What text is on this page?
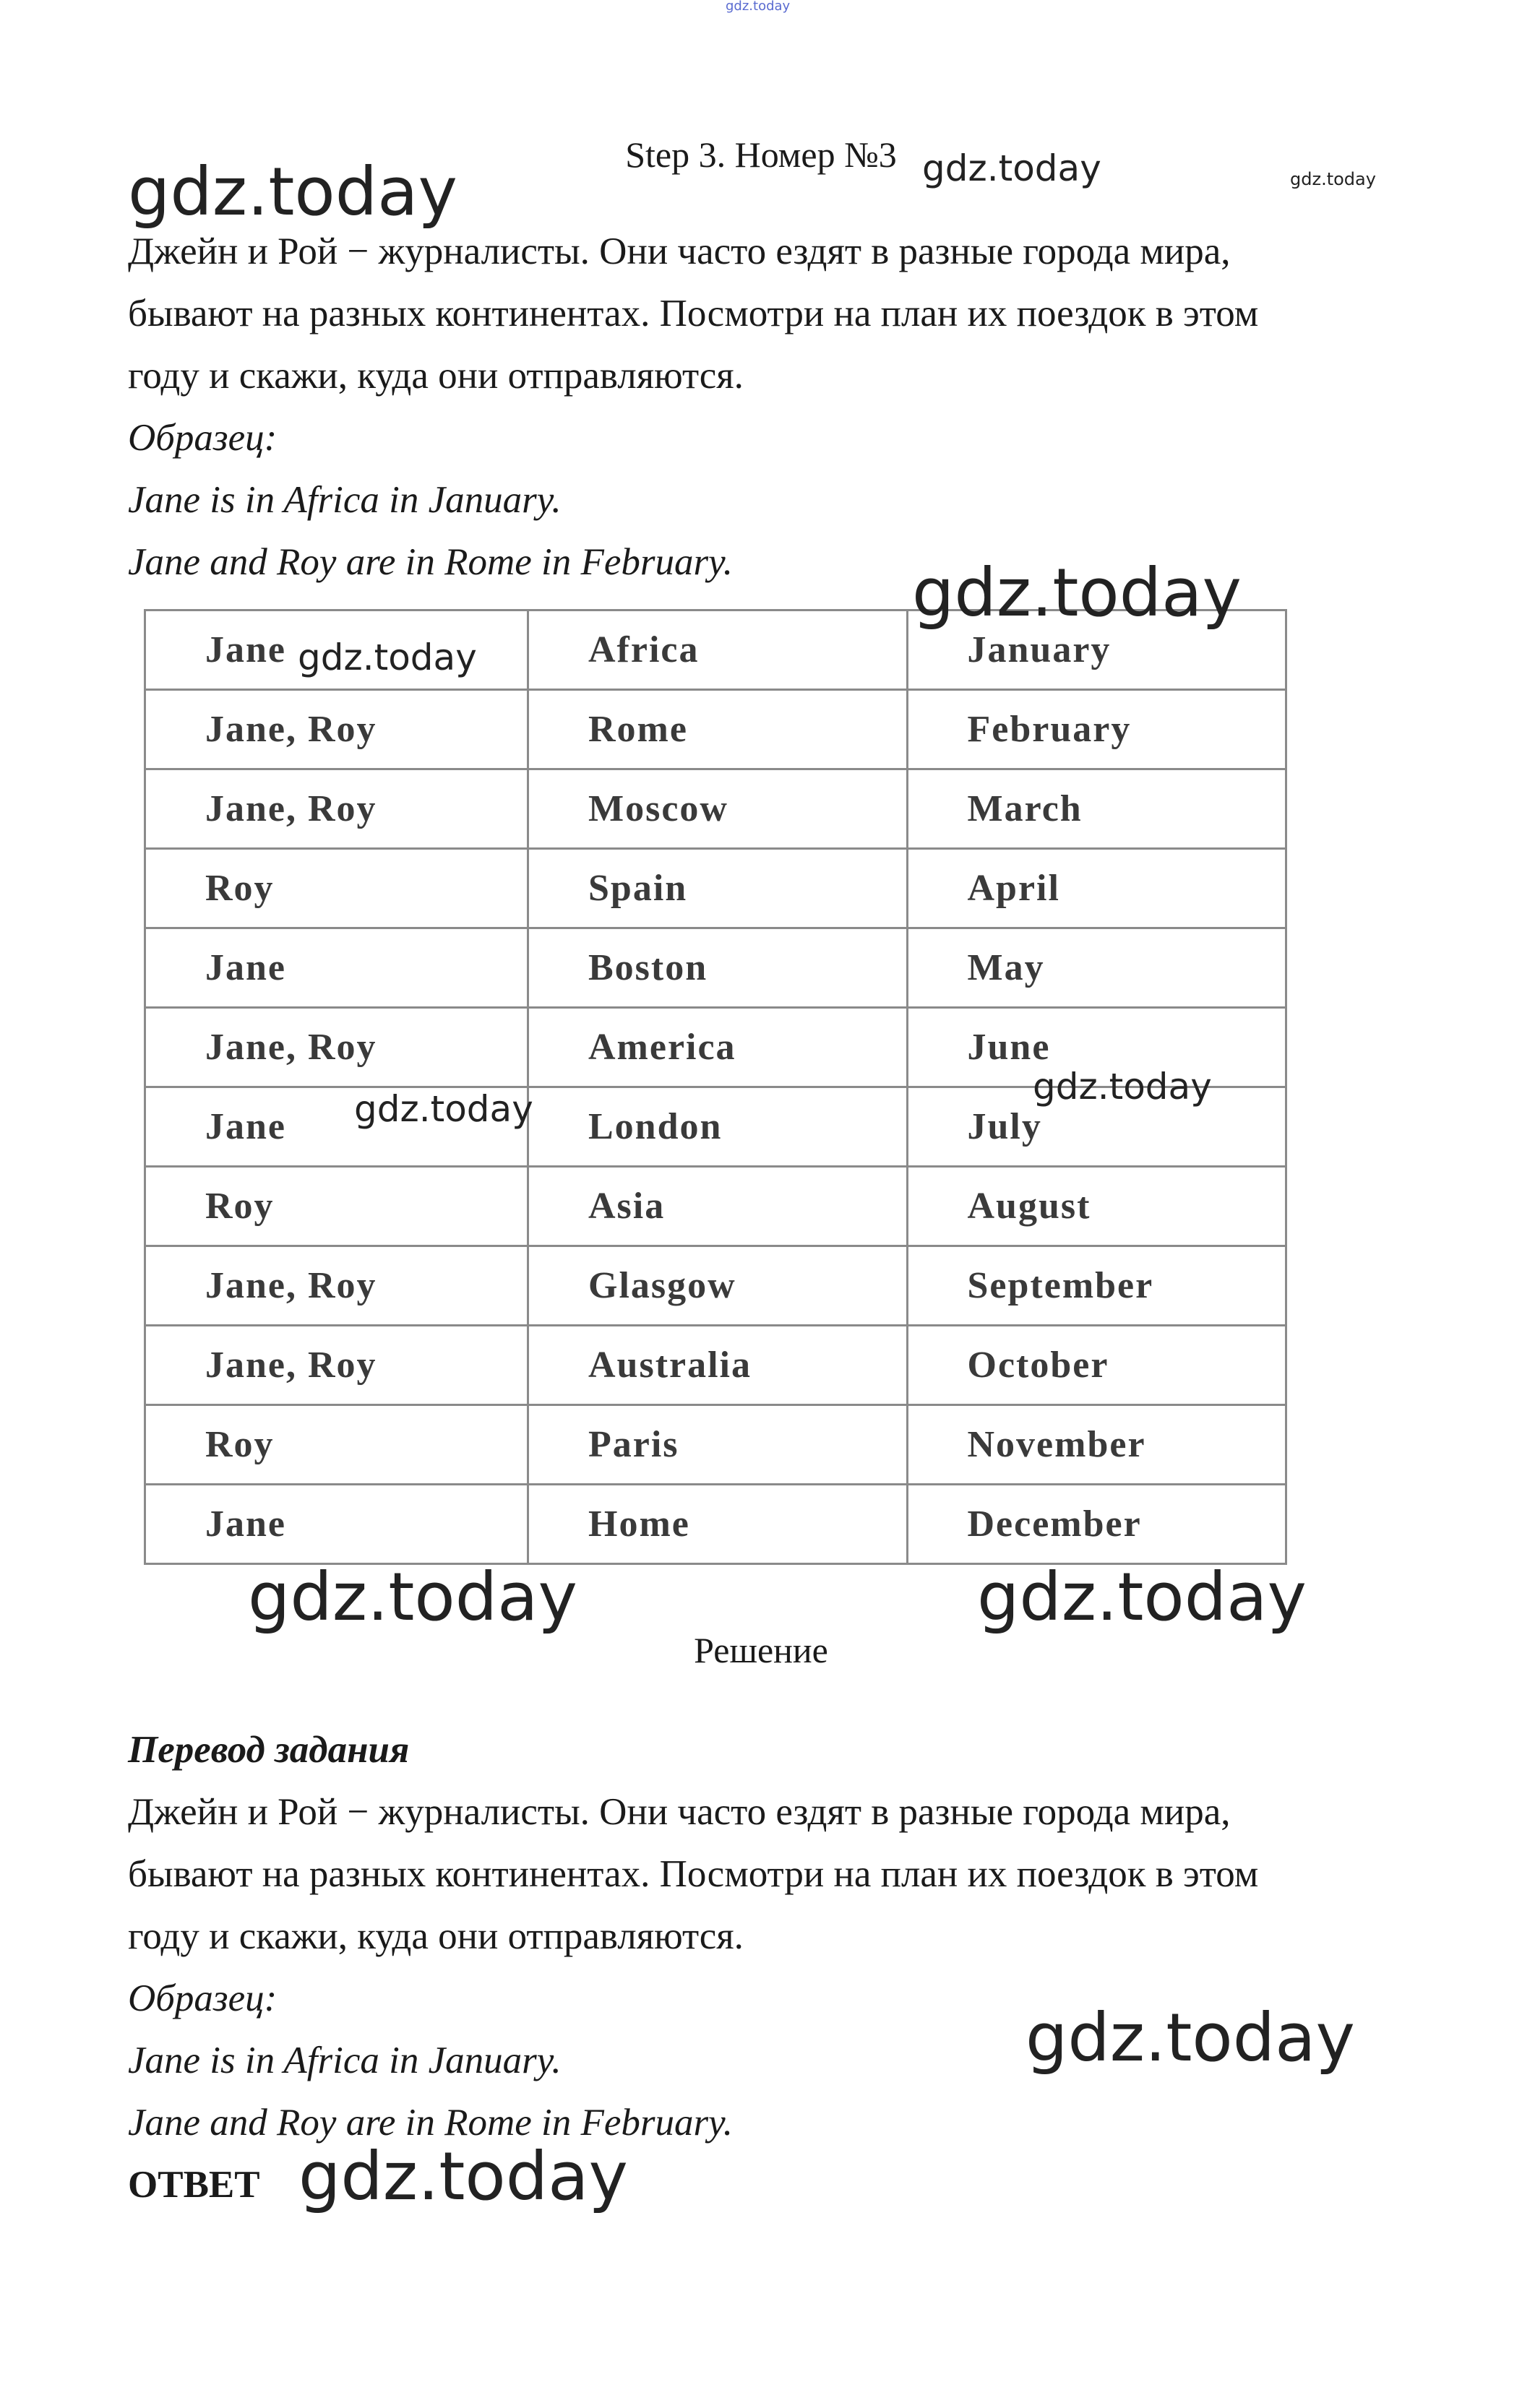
Step 3. Номер №3
Джейн и Рой − журналисты. Они часто ездят в разные города мира,
бывают на разных континентах. Посмотри на план их поездок в этом
году и скажи, куда они отправляются.
Образец:
Jane is in Africa in January.
Jane and Roy are in Rome in February.
Jane	Africa	January
Jane, Roy	Rome	February
Jane, Roy	Moscow	March
Roy	Spain	April
Jane	Boston	May
Jane, Roy	America	June
Jane	London	July
Roy	Asia	August
Jane, Roy	Glasgow	September
Jane, Roy	Australia	October
Roy	Paris	November
Jane	Home	December
Решение
Перевод задания
Джейн и Рой − журналисты. Они часто ездят в разные города мира,
бывают на разных континентах. Посмотри на план их поездок в этом
году и скажи, куда они отправляются.
Образец:
Jane is in Africa in January.
Jane and Roy are in Rome in February.
ОТВЕТ
gdz.today
gdz.today	gdz.today	gdz.today
gdz.today
gdz.today
gdz.today
gdz.today
gdz.today	gdz.today
gdz.today
gdz.today
